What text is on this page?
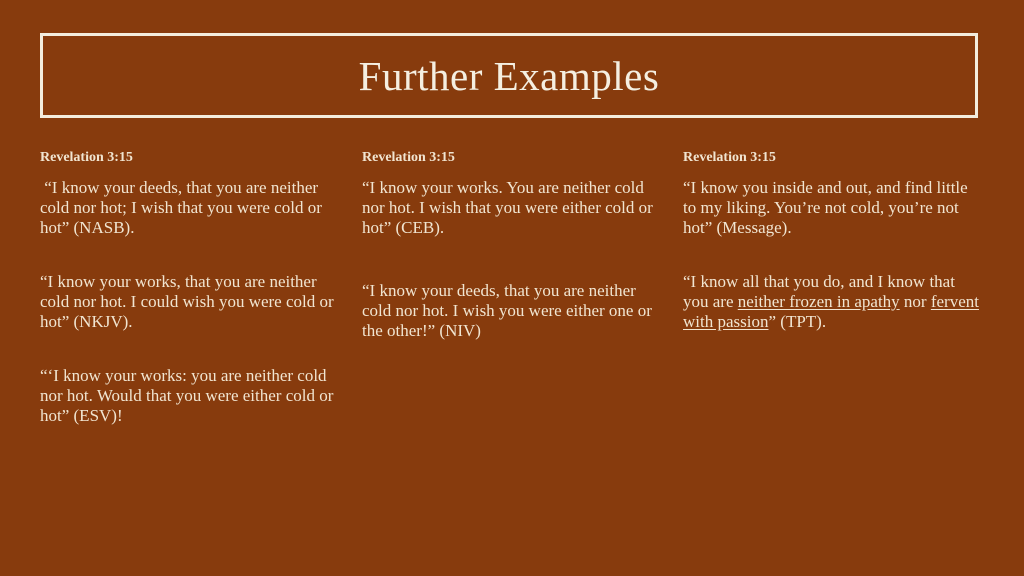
Further Examples
Revelation 3:15

“I know your deeds, that you are neither cold nor hot; I wish that you were cold or hot” (NASB).

“I know your works, that you are neither cold nor hot. I could wish you were cold or hot” (NKJV).

“‘I know your works: you are neither cold nor hot. Would that you were either cold or hot” (ESV)!

Revelation 3:15

“I know your works. You are neither cold nor hot. I wish that you were either cold or hot” (CEB).

“I know your deeds, that you are neither cold nor hot. I wish you were either one or the other!” (NIV)

Revelation 3:15

“I know you inside and out, and find little to my liking. You’re not cold, you’re not hot” (Message).

“I know all that you do, and I know that you are neither frozen in apathy nor fervent with passion” (TPT).
